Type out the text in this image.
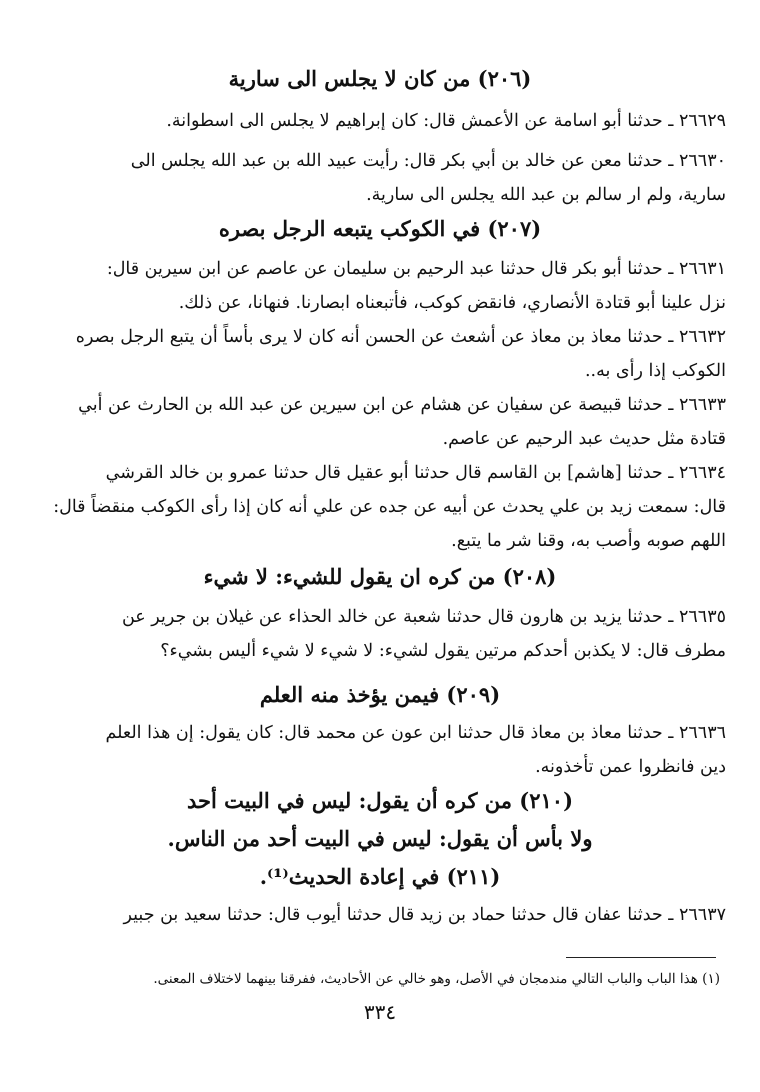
(٢٠٦) من كان لا يجلس الى سارية
٢٦٦٢٩ ـ حدثنا أبو اسامة عن الأعمش قال: كان إبراهيم لا يجلس الى اسطوانة.
٢٦٦٣٠ ـ حدثنا معن عن خالد بن أبي بكر قال: رأيت عبيد الله بن عبد الله يجلس الى
سارية، ولم ار سالم بن عبد الله يجلس الى سارية.
(٢٠٧) في الكوكب يتبعه الرجل بصره
٢٦٦٣١ ـ حدثنا أبو بكر قال حدثنا عبد الرحيم بن سليمان عن عاصم عن ابن سيرين قال:
نزل علينا أبو قتادة الأنصاري، فانقض كوكب، فأتبعناه ابصارنا. فنهانا، عن ذلك.
٢٦٦٣٢ ـ حدثنا معاذ بن معاذ عن أشعث عن الحسن أنه كان لا يرى بأساً أن يتبع الرجل بصره
الكوكب إذا رأى به..
٢٦٦٣٣ ـ حدثنا قبيصة عن سفيان عن هشام عن ابن سيرين عن عبد الله بن الحارث عن أبي
قتادة مثل حديث عبد الرحيم عن عاصم.
٢٦٦٣٤ ـ حدثنا [هاشم] بن القاسم قال حدثنا أبو عقيل قال حدثنا عمرو بن خالد القرشي
قال: سمعت زيد بن علي يحدث عن أبيه عن جده عن علي أنه كان إذا رأى الكوكب منقضاً قال:
اللهم صوبه وأصب به، وقنا شر ما يتبع.
(٢٠٨) من كره ان يقول للشيء: لا شيء
٢٦٦٣٥ ـ حدثنا يزيد بن هارون قال حدثنا شعبة عن خالد الحذاء عن غيلان بن جرير عن
مطرف قال: لا يكذبن أحدكم مرتين يقول لشيء: لا شيء لا شيء أليس بشيء؟
(٢٠٩) فيمن يؤخذ منه العلم
٢٦٦٣٦ ـ حدثنا معاذ بن معاذ قال حدثنا ابن عون عن محمد قال: كان يقول: إن هذا العلم
دين فانظروا عمن تأخذونه.
(٢١٠) من كره أن يقول: ليس في البيت أحد
ولا بأس أن يقول: ليس في البيت أحد من الناس.
(٢١١) في إعادة الحديث⁽¹⁾.
٢٦٦٣٧ ـ حدثنا عفان قال حدثنا حماد بن زيد قال حدثنا أيوب قال: حدثنا سعيد بن جبير
(١) هذا الباب والباب التالي مندمجان في الأصل، وهو خالي عن الأحاديث، ففرقنا بينهما لاختلاف المعنى.
٣٣٤
